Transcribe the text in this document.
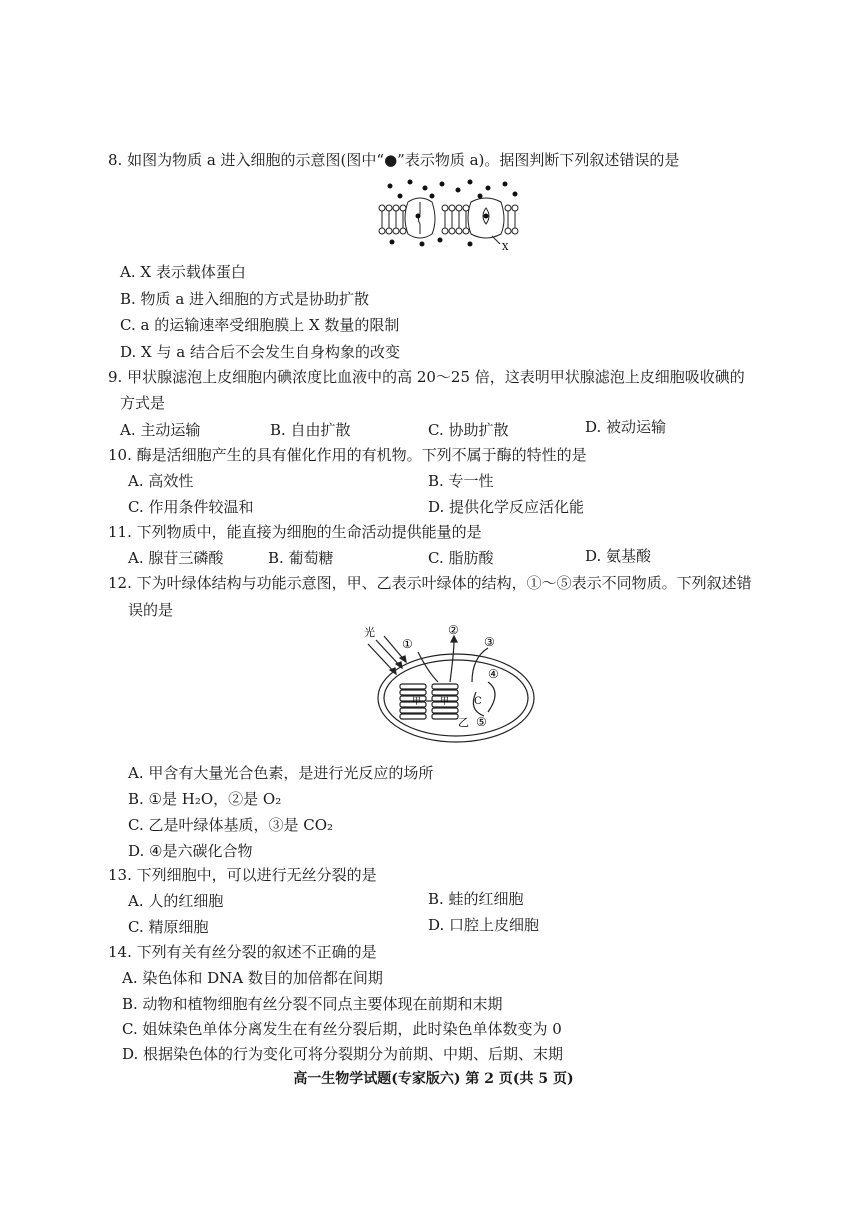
8. 如图为物质 a 进入细胞的示意图(图中“●”表示物质 a)。据图判断下列叙述错误的是
X
A. X 表示载体蛋白
B. 物质 a 进入细胞的方式是协助扩散
C. a 的运输速率受细胞膜上 X 数量的限制
D. X 与 a 结合后不会发生自身构象的改变
9. 甲状腺滤泡上皮细胞内碘浓度比血液中的高 20～25 倍，这表明甲状腺滤泡上皮细胞吸收碘的
方式是
A. 主动运输	B. 自由扩散	C. 协助扩散	D. 被动运输
10. 酶是活细胞产生的具有催化作用的有机物。下列不属于酶的特性的是
A. 高效性	B. 专一性
C. 作用条件较温和	D. 提供化学反应活化能
11. 下列物质中，能直接为细胞的生命活动提供能量的是
A. 腺苷三磷酸	B. 葡萄糖	C. 脂肪酸	D. 氨基酸
12. 下为叶绿体结构与功能示意图，甲、乙表示叶绿体的结构，①～⑤表示不同物质。下列叙述错
误的是
光
①
②
③
④
C
⑤
甲 甲
乙
A. 甲含有大量光合色素，是进行光反应的场所
B. ①是 H₂O，②是 O₂
C. 乙是叶绿体基质，③是 CO₂
D. ④是六碳化合物
13. 下列细胞中，可以进行无丝分裂的是
A. 人的红细胞	B. 蛙的红细胞
C. 精原细胞	D. 口腔上皮细胞
14. 下列有关有丝分裂的叙述不正确的是
A. 染色体和 DNA 数目的加倍都在间期
B. 动物和植物细胞有丝分裂不同点主要体现在前期和末期
C. 姐妹染色单体分离发生在有丝分裂后期，此时染色单体数变为 0
D. 根据染色体的行为变化可将分裂期分为前期、中期、后期、末期
高一生物学试题(专家版六) 第 2 页(共 5 页)
